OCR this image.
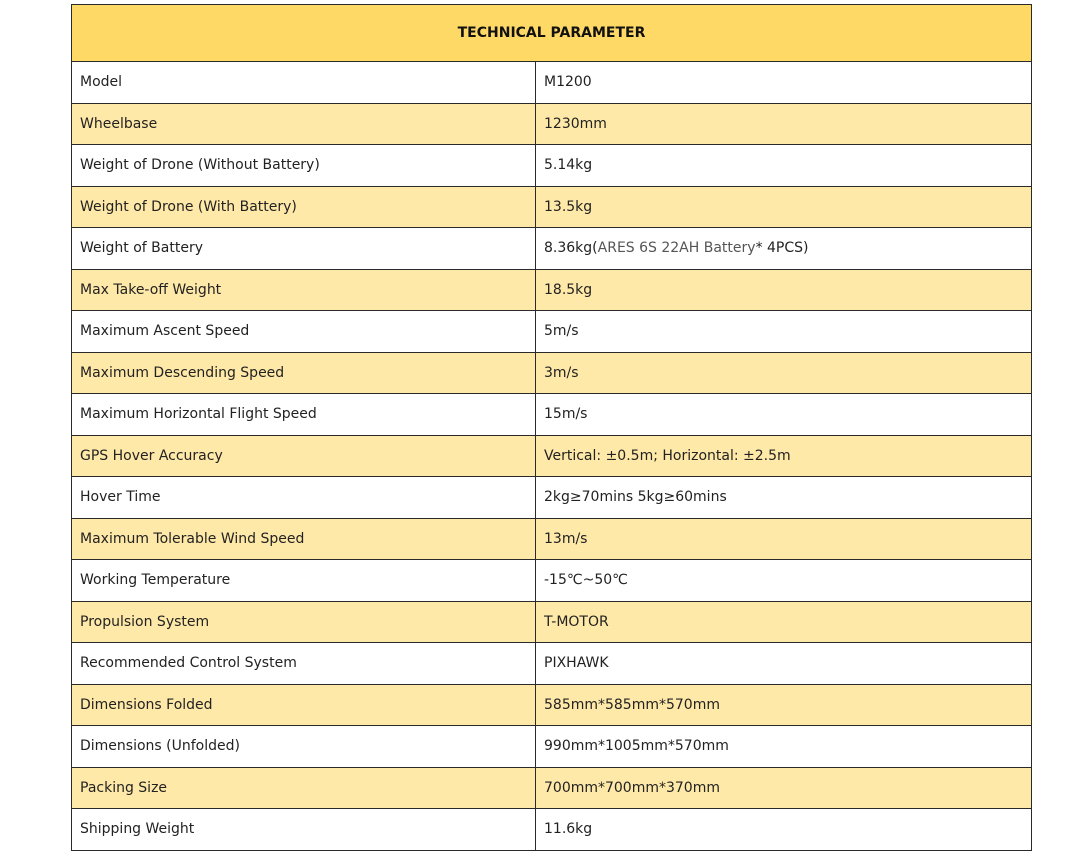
TECHNICAL PARAMETER	
Model	M1200
Wheelbase	1230mm
Weight of Drone (Without Battery)	5.14kg
Weight of Drone (With Battery)	13.5kg
Weight of Battery	8.36kg(ARES 6S 22AH Battery* 4PCS)
Max Take-off Weight	18.5kg
Maximum Ascent Speed	5m/s
Maximum Descending Speed	3m/s
Maximum Horizontal Flight Speed	15m/s
GPS Hover Accuracy	Vertical: ±0.5m; Horizontal: ±2.5m
Hover Time	2kg≥70mins 5kg≥60mins
Maximum Tolerable Wind Speed	13m/s
Working Temperature	-15℃~50℃
Propulsion System	T-MOTOR
Recommended Control System	PIXHAWK
Dimensions Folded	585mm*585mm*570mm
Dimensions (Unfolded)	990mm*1005mm*570mm
Packing Size	700mm*700mm*370mm
Shipping Weight	11.6kg
